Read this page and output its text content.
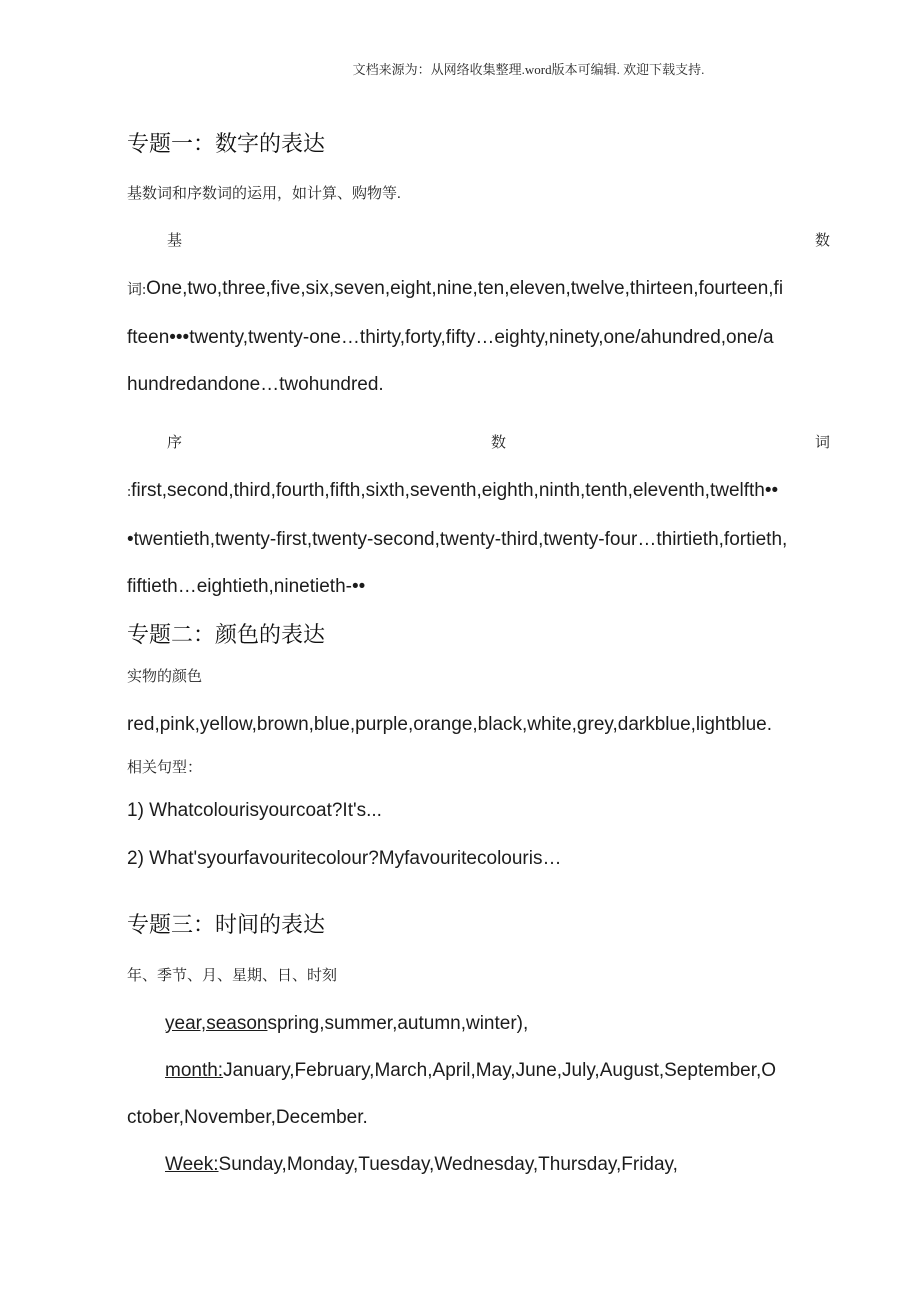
文档来源为：从网络收集整理.word版本可编辑. 欢迎下载支持.
专题一：数字的表达
基数词和序数词的运用，如计算、购物等.
基	数
词:One,two,three,five,six,seven,eight,nine,ten,eleven,twelve,thirteen,fourteen,fi
fteen•••twenty,twenty-one…thirty,forty,fifty…eighty,ninety,one/ahundred,one/a
hundredandone…twohundred.
序	数	词
:first,second,third,fourth,fifth,sixth,seventh,eighth,ninth,tenth,eleventh,twelfth••
•twentieth,twenty-first,twenty-second,twenty-third,twenty-four…thirtieth,fortieth,
fiftieth…eightieth,ninetieth-••
专题二：颜色的表达
实物的颜色
red,pink,yellow,brown,blue,purple,orange,black,white,grey,darkblue,lightblue.
相关句型：
1) Whatcolourisyourcoat?It's...
2) What'syourfavouritecolour?Myfavouritecolouris…
专题三：时间的表达
年、季节、月、星期、日、时刻
year,seasonspring,summer,autumn,winter),
month:January,February,March,April,May,June,July,August,September,O
ctober,November,December.
Week:Sunday,Monday,Tuesday,Wednesday,Thursday,Friday,
